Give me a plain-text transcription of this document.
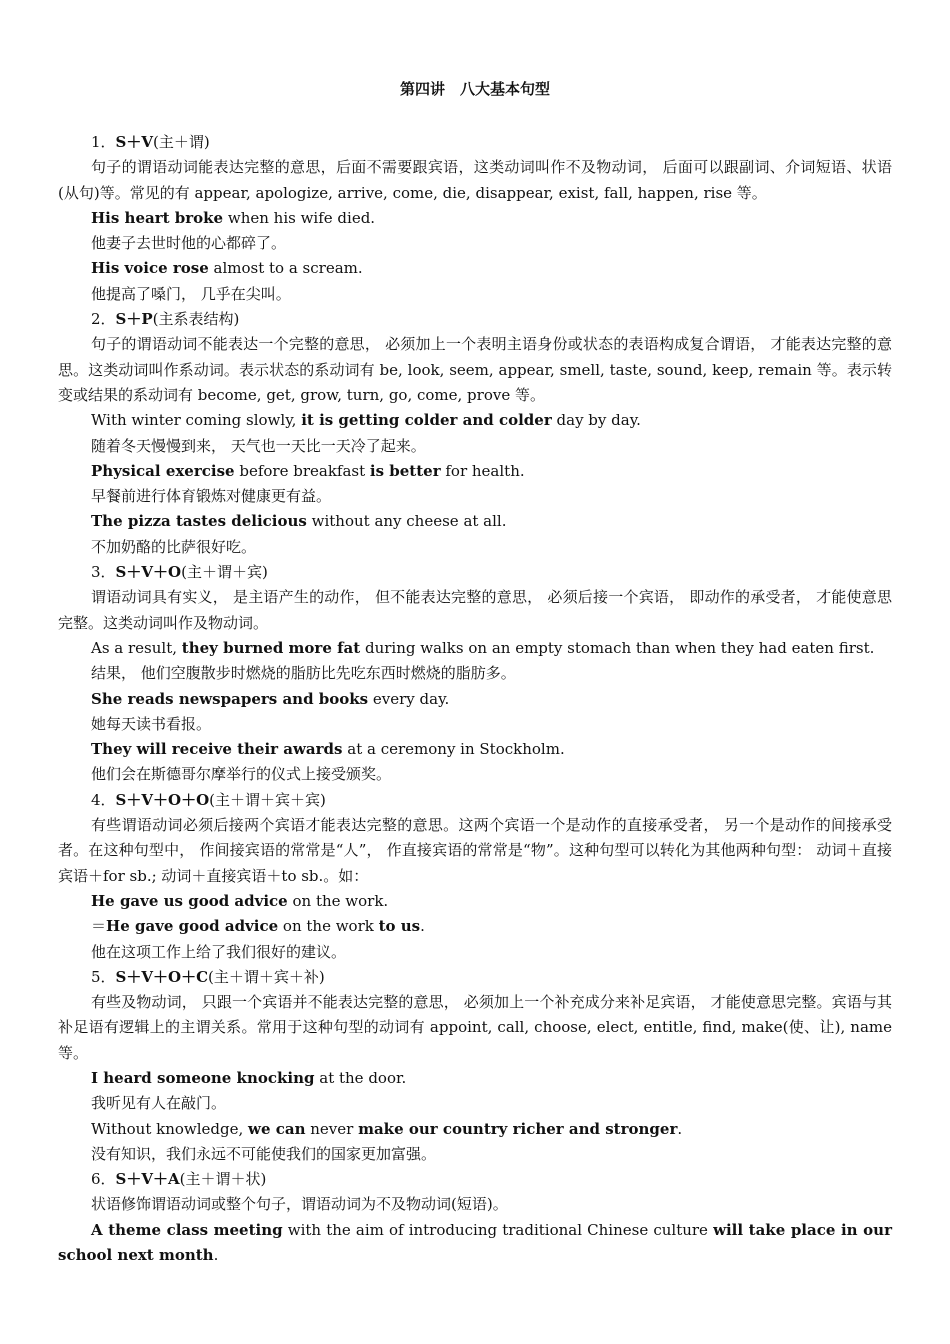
第四讲　八大基本句型

1．S＋V(主＋谓)

句子的谓语动词能表达完整的意思，后面不需要跟宾语，这类动词叫作不及物动词， 后面可以跟副词、介词短语、状语(从句)等。常见的有 appear, apologize, arrive, come, die, disappear, exist, fall, happen, rise 等。

His heart broke when his wife died.

他妻子去世时他的心都碎了。

His voice rose almost to a scream.

他提高了嗓门， 几乎在尖叫。

2．S＋P(主系表结构)

句子的谓语动词不能表达一个完整的意思， 必须加上一个表明主语身份或状态的表语构成复合谓语， 才能表达完整的意思。这类动词叫作系动词。表示状态的系动词有 be, look, seem, appear, smell, taste, sound, keep, remain 等。表示转变或结果的系动词有 become, get, grow, turn, go, come, prove 等。

With winter coming slowly, it is getting colder and colder day by day.

随着冬天慢慢到来， 天气也一天比一天冷了起来。

Physical exercise before breakfast is better for health.

早餐前进行体育锻炼对健康更有益。

The pizza tastes delicious without any cheese at all.

不加奶酪的比萨很好吃。

3．S＋V＋O(主＋谓＋宾)

谓语动词具有实义， 是主语产生的动作， 但不能表达完整的意思， 必须后接一个宾语， 即动作的承受者， 才能使意思完整。这类动词叫作及物动词。

As a result, they burned more fat during walks on an empty stomach than when they had eaten first.

结果， 他们空腹散步时燃烧的脂肪比先吃东西时燃烧的脂肪多。

She reads newspapers and books every day.

她每天读书看报。

They will receive their awards at a ceremony in Stockholm.

他们会在斯德哥尔摩举行的仪式上接受颁奖。

4．S＋V＋O＋O(主＋谓＋宾＋宾)

有些谓语动词必须后接两个宾语才能表达完整的意思。这两个宾语一个是动作的直接承受者， 另一个是动作的间接承受者。在这种句型中， 作间接宾语的常常是“人”， 作直接宾语的常常是“物”。这种句型可以转化为其他两种句型： 动词＋直接宾语＋for sb.; 动词＋直接宾语＋to sb.。如：

He gave us good advice on the work.

＝He gave good advice on the work to us.

他在这项工作上给了我们很好的建议。

5．S＋V＋O＋C(主＋谓＋宾＋补)

有些及物动词， 只跟一个宾语并不能表达完整的意思， 必须加上一个补充成分来补足宾语， 才能使意思完整。宾语与其补足语有逻辑上的主谓关系。常用于这种句型的动词有 appoint, call, choose, elect, entitle, find, make(使、让), name 等。

I heard someone knocking at the door.

我听见有人在敲门。

Without knowledge, we can never make our country richer and stronger.

没有知识，我们永远不可能使我们的国家更加富强。

6．S＋V＋A(主＋谓＋状)

状语修饰谓语动词或整个句子，谓语动词为不及物动词(短语)。

A theme class meeting with the aim of introducing traditional Chinese culture will take place in our school next month.
